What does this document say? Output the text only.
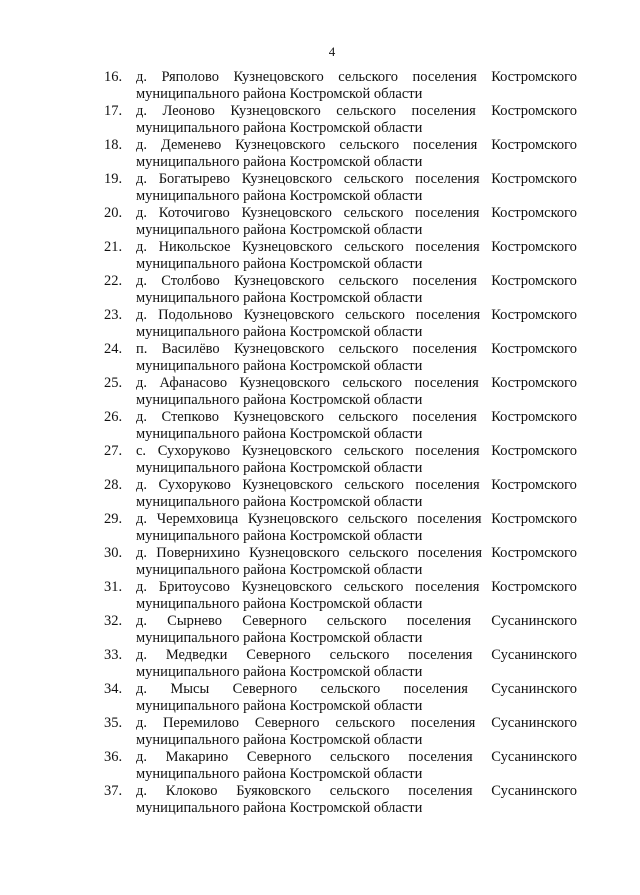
4
16. д. Ряполово Кузнецовского сельского поселения Костромского
муниципального района Костромской области
17. д. Леоново Кузнецовского сельского поселения Костромского
муниципального района Костромской области
18. д. Деменево Кузнецовского сельского поселения Костромского
муниципального района Костромской области
19. д. Богатырево Кузнецовского сельского поселения Костромского
муниципального района Костромской области
20. д. Коточигово Кузнецовского сельского поселения Костромского
муниципального района Костромской области
21. д. Никольское Кузнецовского сельского поселения Костромского
муниципального района Костромской области
22. д. Столбово Кузнецовского сельского поселения Костромского
муниципального района Костромской области
23. д. Подольново Кузнецовского сельского поселения Костромского
муниципального района Костромской области
24. п. Василёво Кузнецовского сельского поселения Костромского
муниципального района Костромской области
25. д. Афанасово Кузнецовского сельского поселения Костромского
муниципального района Костромской области
26. д. Степково Кузнецовского сельского поселения Костромского
муниципального района Костромской области
27. с. Сухоруково Кузнецовского сельского поселения Костромского
муниципального района Костромской области
28. д. Сухоруково Кузнецовского сельского поселения Костромского
муниципального района Костромской области
29. д. Черемховица Кузнецовского сельского поселения Костромского
муниципального района Костромской области
30. д. Повернихино Кузнецовского сельского поселения Костромского
муниципального района Костромской области
31. д. Бритоусово Кузнецовского сельского поселения Костромского
муниципального района Костромской области
32. д. Сырнево Северного сельского поселения Сусанинского
муниципального района Костромской области
33. д. Медведки Северного сельского поселения Сусанинского
муниципального района Костромской области
34. д. Мысы Северного сельского поселения Сусанинского
муниципального района Костромской области
35. д. Перемилово Северного сельского поселения Сусанинского
муниципального района Костромской области
36. д. Макарино Северного сельского поселения Сусанинского
муниципального района Костромской области
37. д. Клоково Буяковского сельского поселения Сусанинского
муниципального района Костромской области
